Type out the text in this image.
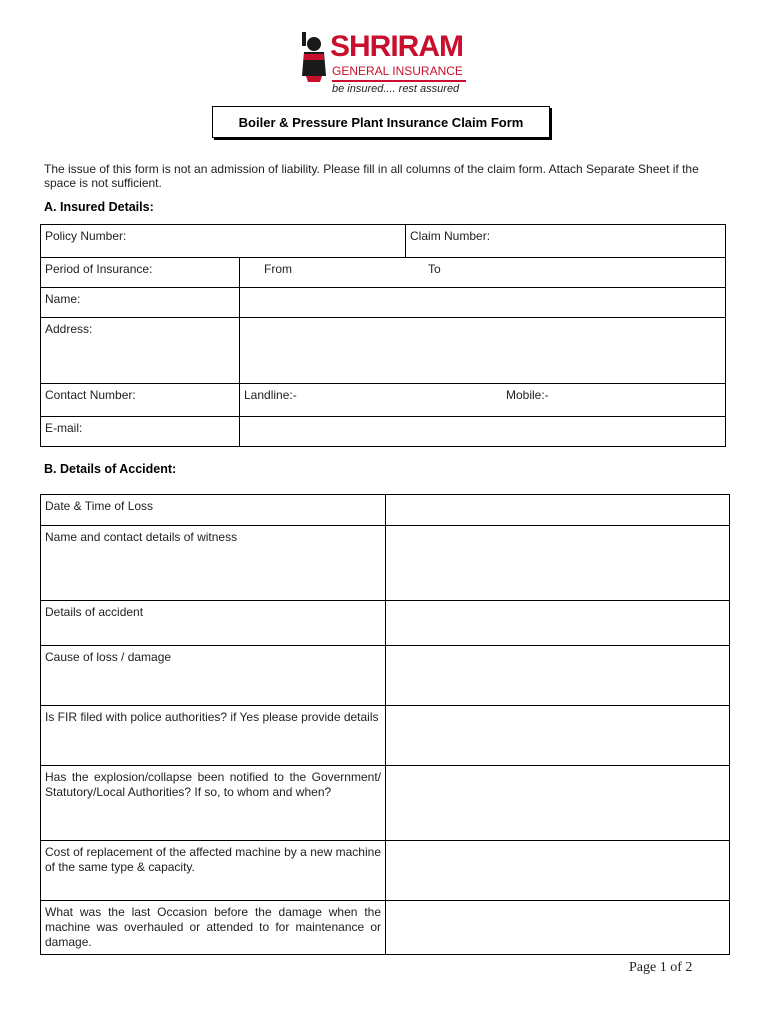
SHRIRAM
GENERAL INSURANCE
be insured.... rest assured
Boiler & Pressure Plant Insurance Claim Form
The issue of this form is not an admission of liability. Please fill in all columns of the claim form. Attach Separate Sheet if the space is not sufficient.
A. Insured Details:
Policy Number:		Claim Number:
Period of Insurance:	From To	

Name:		
Address:		
Contact Number:	Landline:- Mobile:-	

E-mail:		
B. Details of Accident:
Date & Time of Loss	
Name and contact details of witness	
Details of accident	
Cause of loss / damage	
Is FIR filed with police authorities? if Yes please provide details	
Has the explosion/collapse been notified to the Government/ Statutory/Local Authorities? If so, to whom and when?	
Cost of replacement of the affected machine by a new machine of the same type & capacity.	
What was the last Occasion before the damage when the machine was overhauled or attended to for maintenance or damage.	
Page 1 of 2
